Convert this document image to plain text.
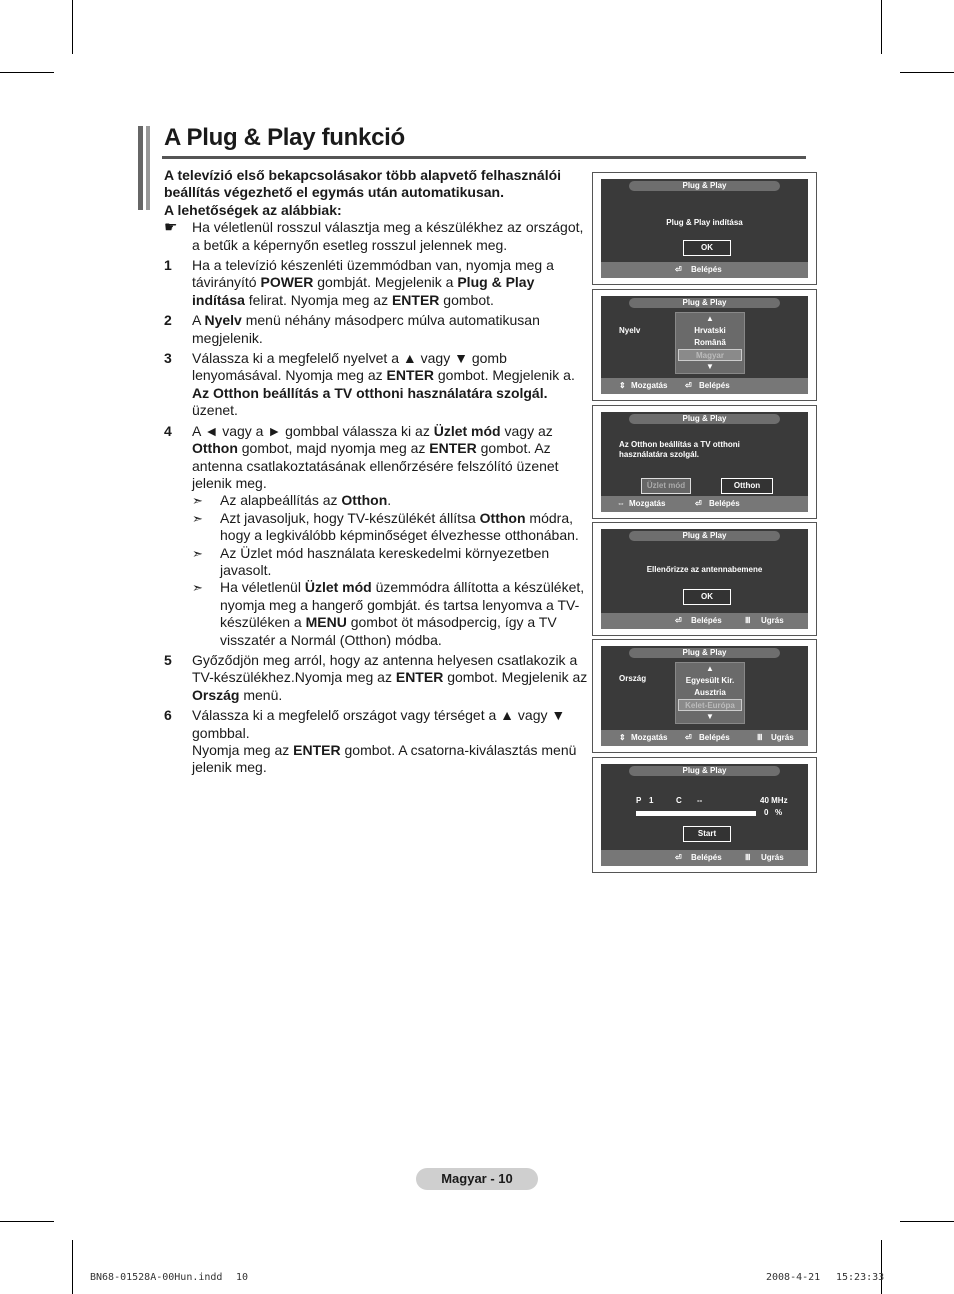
A Plug & Play funkció
A televízió első bekapcsolásakor több alapvető felhasználói beállítás végezhető el egymás után automatikusan.
A lehetőségek az alábbiak:
☛	Ha véletlenül rosszul választja meg a készülékhez az országot, a betűk a képernyőn esetleg rosszul jelennek meg.
1	Ha a televízió készenléti üzemmódban van, nyomja meg a távirányító POWER gombját. Megjelenik a Plug & Play indítása felirat. Nyomja meg az ENTER gombot.
2	A Nyelv menü néhány másodperc múlva automatikusan megjelenik.
3	Válassza ki a megfelelő nyelvet a ▲ vagy ▼ gomb lenyomásával. Nyomja meg az ENTER gombot. Megjelenik a. Az Otthon beállítás a TV otthoni használatára szolgál. üzenet.
4	A ◄ vagy a ► gombbal válassza ki az Üzlet mód vagy az Otthon gombot, majd nyomja meg az ENTER gombot. Az antenna csatlakoztatásának ellenőrzésére felszólító üzenet jelenik meg.
➣	Az alapbeállítás az Otthon.
➣	Azt javasoljuk, hogy TV-készülékét állítsa Otthon módra, hogy a legkiválóbb képminőséget élvezhesse otthonában.
➣	Az Üzlet mód használata kereskedelmi környezetben javasolt.
➣	Ha véletlenül Üzlet mód üzemmódra állította a készüléket, nyomja meg a hangerő gombját. és tartsa lenyomva a TV-készüléken a MENU gombot öt másodpercig, így a TV visszatér a Normál (Otthon) módba.
5	Győződjön meg arról, hogy az antenna helyesen csatlakozik a TV-készülékhez.Nyomja meg az ENTER gombot. Megjelenik az Ország menü.
6	Válassza ki a megfelelő országot vagy térséget a ▲ vagy ▼ gombbal.
Nyomja meg az ENTER gombot. A csatorna-kiválasztás menü jelenik meg.
Plug & Play
Plug & Play indítása
OK
⏎ Belépés
Plug & Play
Nyelv
▲
Hrvatski
Română
Magyar
▼
⇕ Mozgatás ⏎ Belépés
Plug & Play
Az Otthon beállítás a TV otthoni
használatára szolgál.
Üzlet mód	Otthon
⇔ Mozgatás	⏎ Belépés
Plug & Play
Ellenőrizze az antennabemene
OK
⏎ Belépés	Ⅲ Ugrás
Plug & Play
Ország
▲
Egyesült Kir.
Ausztria
Kelet-Európa
▼
⇕ Mozgatás ⏎ Belépés	Ⅲ Ugrás
Plug & Play
P 1	C --	40 MHz
0 %
Start
⏎ Belépés	Ⅲ Ugrás
Magyar - 10
BN68-01528A-00Hun.indd 10	2008-4-21 15:23:33
